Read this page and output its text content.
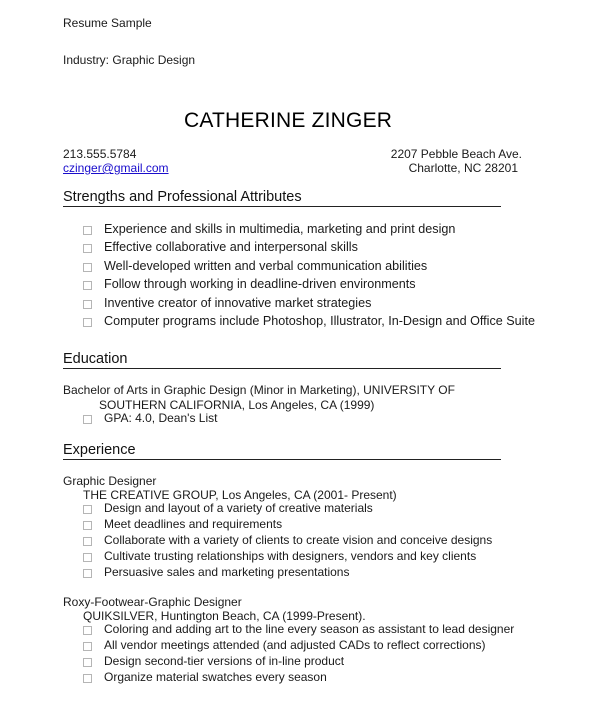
Resume Sample
Industry: Graphic Design
CATHERINE ZINGER
213.555.5784
czinger@gmail.com
2207 Pebble Beach Ave.
Charlotte, NC 28201
Strengths and Professional Attributes
Experience and skills in multimedia, marketing and print design
Effective collaborative and interpersonal skills
Well-developed written and verbal communication abilities
Follow through working in deadline-driven environments
Inventive creator of innovative market strategies
Computer programs include Photoshop, Illustrator, In-Design and Office Suite
Education
Bachelor of Arts in Graphic Design (Minor in Marketing), UNIVERSITY OF
SOUTHERN CALIFORNIA, Los Angeles, CA (1999)
GPA: 4.0, Dean's List
Experience
Graphic Designer
THE CREATIVE GROUP, Los Angeles, CA (2001- Present)
Design and layout of a variety of creative materials
Meet deadlines and requirements
Collaborate with a variety of clients to create vision and conceive designs
Cultivate trusting relationships with designers, vendors and key clients
Persuasive sales and marketing presentations
Roxy-Footwear-Graphic Designer
QUIKSILVER, Huntington Beach, CA (1999-Present).
Coloring and adding art to the line every season as assistant to lead designer
All vendor meetings attended (and adjusted CADs to reflect corrections)
Design second-tier versions of in-line product
Organize material swatches every season
